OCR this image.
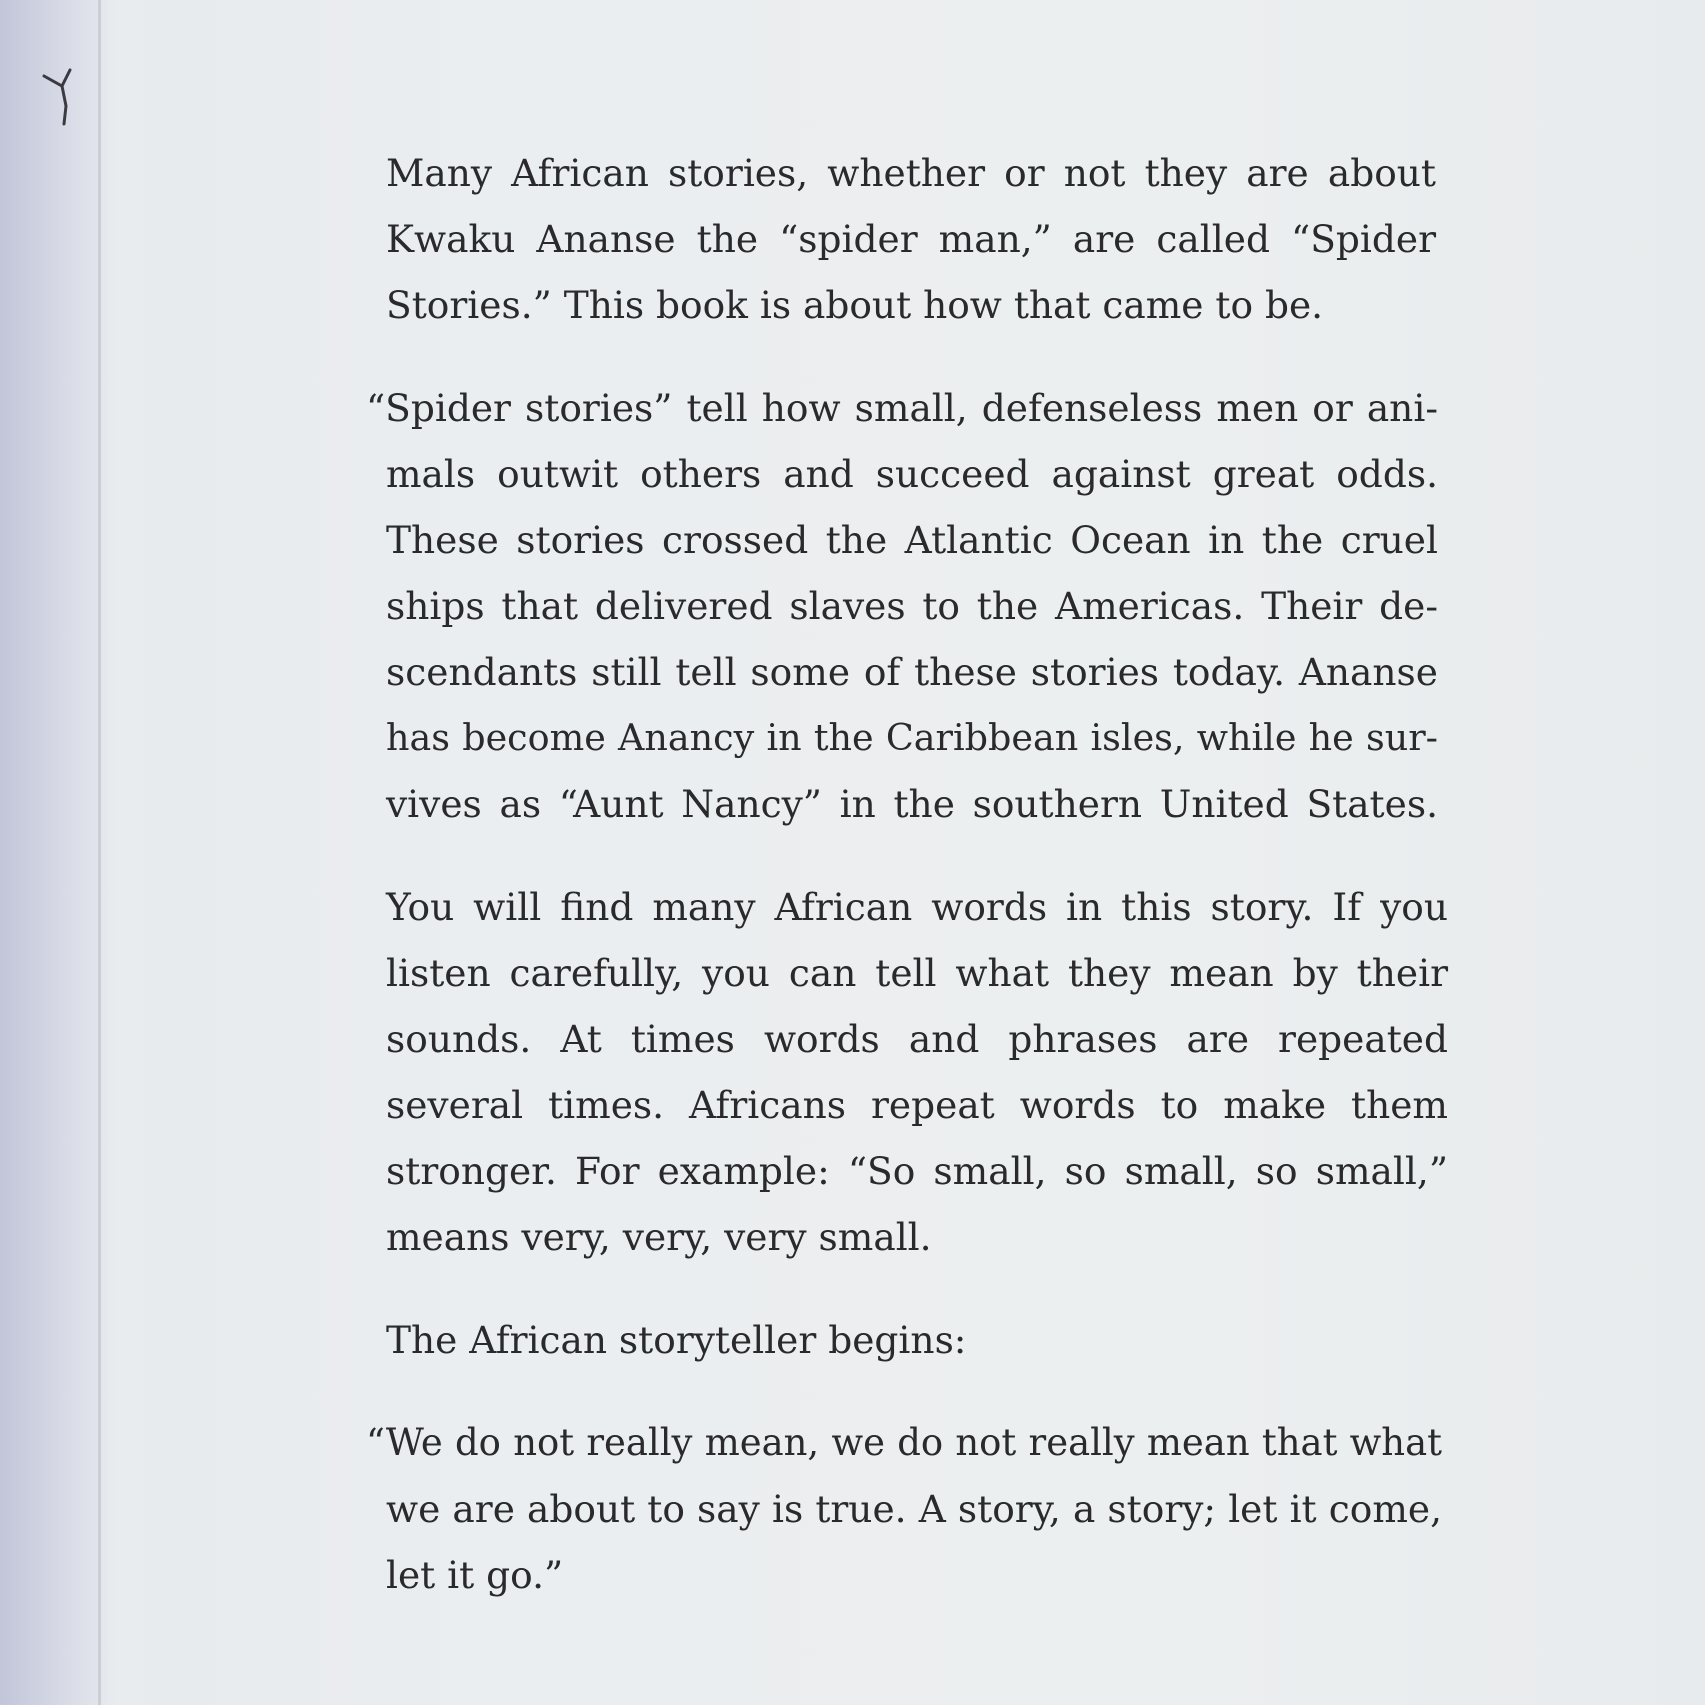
Many African stories, whether or not they are about
Kwaku Ananse the “spider man,” are called “Spider
Stories.” This book is about how that came to be.
“Spider stories” tell how small, defenseless men or ani-
mals outwit others and succeed against great odds.
These stories crossed the Atlantic Ocean in the cruel
ships that delivered slaves to the Americas. Their de-
scendants still tell some of these stories today. Ananse
has become Anancy in the Caribbean isles, while he sur-
vives as “Aunt Nancy” in the southern United States.
You will find many African words in this story. If you
listen carefully, you can tell what they mean by their
sounds. At times words and phrases are repeated
several times. Africans repeat words to make them
stronger. For example: “So small, so small, so small,”
means very, very, very small.
The African storyteller begins:
“We do not really mean, we do not really mean that what
we are about to say is true. A story, a story; let it come,
let it go.”
